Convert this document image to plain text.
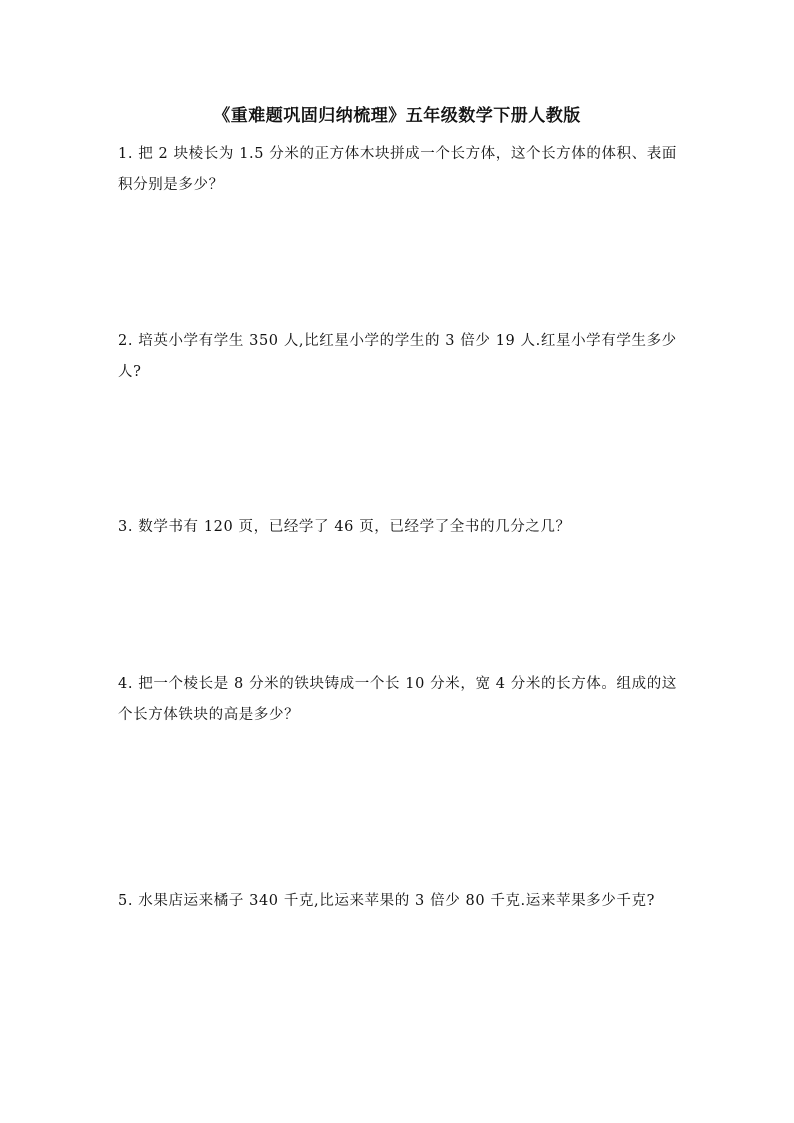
《重难题巩固归纳梳理》五年级数学下册人教版
1. 把 2 块棱长为 1.5 分米的正方体木块拼成一个长方体，这个长方体的体积、表面积分别是多少？
2. 培英小学有学生 350 人,比红星小学的学生的 3 倍少 19 人.红星小学有学生多少人?
3. 数学书有 120 页，已经学了 46 页，已经学了全书的几分之几？
4. 把一个棱长是 8 分米的铁块铸成一个长 10 分米，宽 4 分米的长方体。组成的这个长方体铁块的高是多少？
5. 水果店运来橘子 340 千克,比运来苹果的 3 倍少 80 千克.运来苹果多少千克?
